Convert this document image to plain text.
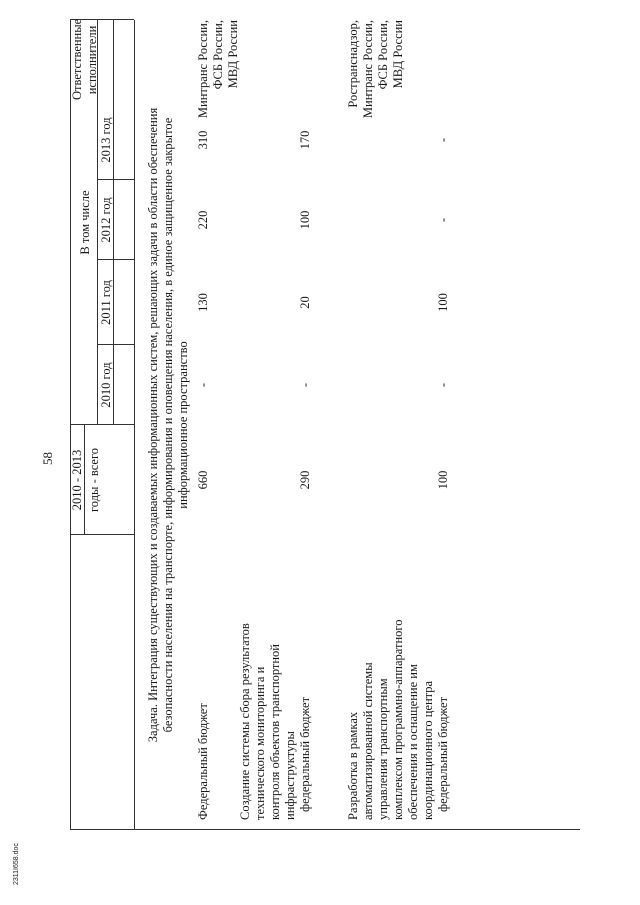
58
2311I658.doc
2010 - 2013 годы - всего
В том числе
2010 год
2011 год
2012 год
2013 год
Ответственные исполнители
Задача. Интеграция существующих и создаваемых информационных систем, решающих задачи в области обеспечения безопасности населения на транспорте, информирования и оповещения населения, в единое защищенное закрытое информационное пространство
Федеральный бюджет
660
-
130
220
310
Минтранс России, ФСБ России, МВД России
Создание системы сбора результатов технического мониторинга и контроля объектов транспортной инфраструктуры федеральный бюджет
290
-
20
100
170
Разработка в рамках автоматизированной системы управления транспортным комплексом программно-аппаратного обеспечения и оснащение им координационного центра федеральный бюджет
100
-
100
-
-
Ространснадзор, Минтранс России, ФСБ России, МВД России
